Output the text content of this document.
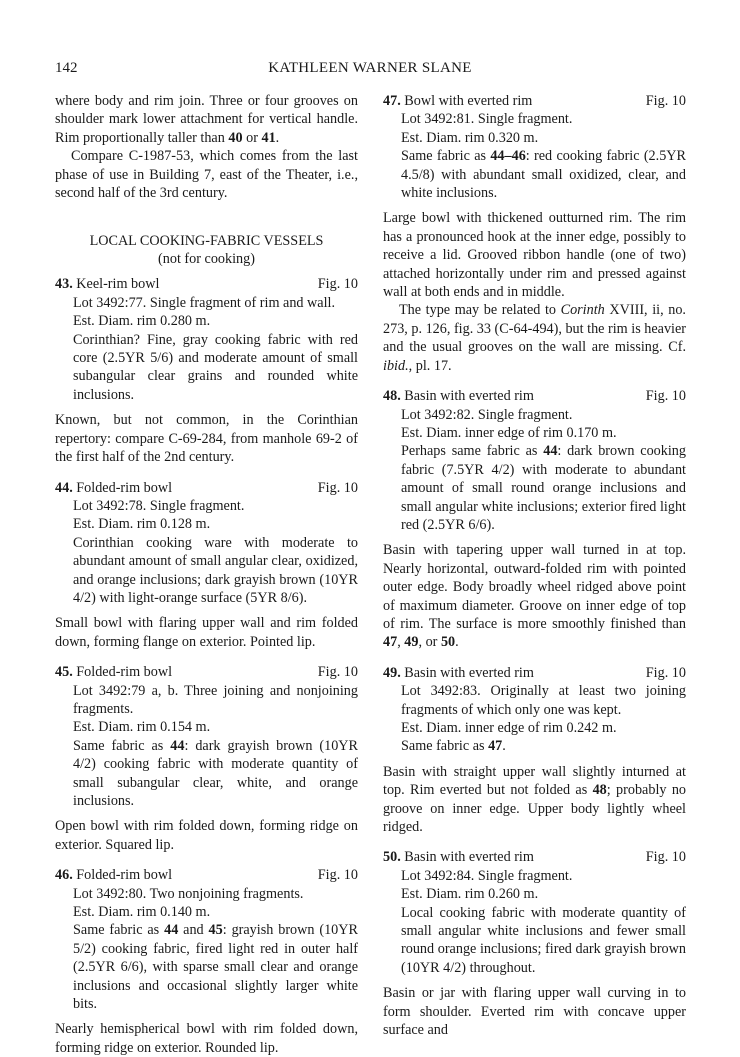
142	KATHLEEN WARNER SLANE

where body and rim join. Three or four grooves on shoulder mark lower attachment for vertical handle. Rim proportionally taller than 40 or 41.

Compare C-1987-53, which comes from the last phase of use in Building 7, east of the Theater, i.e., second half of the 3rd century.

LOCAL COOKING-FABRIC VESSELS

(not for cooking)

43. Keel-rim bowl	Fig. 10

Lot 3492:77. Single fragment of rim and wall.

Est. Diam. rim 0.280 m.

Corinthian? Fine, gray cooking fabric with red core (2.5YR 5/6) and moderate amount of small subangular clear grains and rounded white inclusions.

Known, but not common, in the Corinthian repertory: compare C-69-284, from manhole 69-2 of the first half of the 2nd century.

44. Folded-rim bowl	Fig. 10

Lot 3492:78. Single fragment.

Est. Diam. rim 0.128 m.

Corinthian cooking ware with moderate to abundant amount of small angular clear, oxidized, and orange inclusions; dark grayish brown (10YR 4/2) with light-orange surface (5YR 8/6).

Small bowl with flaring upper wall and rim folded down, forming flange on exterior. Pointed lip.

45. Folded-rim bowl	Fig. 10

Lot 3492:79 a, b. Three joining and nonjoining fragments.

Est. Diam. rim 0.154 m.

Same fabric as 44: dark grayish brown (10YR 4/2) cooking fabric with moderate quantity of small subangular clear, white, and orange inclusions.

Open bowl with rim folded down, forming ridge on exterior. Squared lip.

46. Folded-rim bowl	Fig. 10

Lot 3492:80. Two nonjoining fragments.

Est. Diam. rim 0.140 m.

Same fabric as 44 and 45: grayish brown (10YR 5/2) cooking fabric, fired light red in outer half (2.5YR 6/6), with sparse small clear and orange inclusions and occasional slightly larger white bits.

Nearly hemispherical bowl with rim folded down, forming ridge on exterior. Rounded lip.

47. Bowl with everted rim	Fig. 10

Lot 3492:81. Single fragment.

Est. Diam. rim 0.320 m.

Same fabric as 44–46: red cooking fabric (2.5YR 4.5/8) with abundant small oxidized, clear, and white inclusions.

Large bowl with thickened outturned rim. The rim has a pronounced hook at the inner edge, possibly to receive a lid. Grooved ribbon handle (one of two) attached horizontally under rim and pressed against wall at both ends and in middle.

The type may be related to Corinth XVIII, ii, no. 273, p. 126, fig. 33 (C-64-494), but the rim is heavier and the usual grooves on the wall are missing. Cf. ibid., pl. 17.

48. Basin with everted rim	Fig. 10

Lot 3492:82. Single fragment.

Est. Diam. inner edge of rim 0.170 m.

Perhaps same fabric as 44: dark brown cooking fabric (7.5YR 4/2) with moderate to abundant amount of small round orange inclusions and small angular white inclusions; exterior fired light red (2.5YR 6/6).

Basin with tapering upper wall turned in at top. Nearly horizontal, outward-folded rim with pointed outer edge. Body broadly wheel ridged above point of maximum diameter. Groove on inner edge of top of rim. The surface is more smoothly finished than 47, 49, or 50.

49. Basin with everted rim	Fig. 10

Lot 3492:83. Originally at least two joining fragments of which only one was kept.

Est. Diam. inner edge of rim 0.242 m.

Same fabric as 47.

Basin with straight upper wall slightly inturned at top. Rim everted but not folded as 48; probably no groove on inner edge. Upper body lightly wheel ridged.

50. Basin with everted rim	Fig. 10

Lot 3492:84. Single fragment.

Est. Diam. rim 0.260 m.

Local cooking fabric with moderate quantity of small angular white inclusions and fewer small round orange inclusions; fired dark grayish brown (10YR 4/2) throughout.

Basin or jar with flaring upper wall curving in to form shoulder. Everted rim with concave upper surface and
